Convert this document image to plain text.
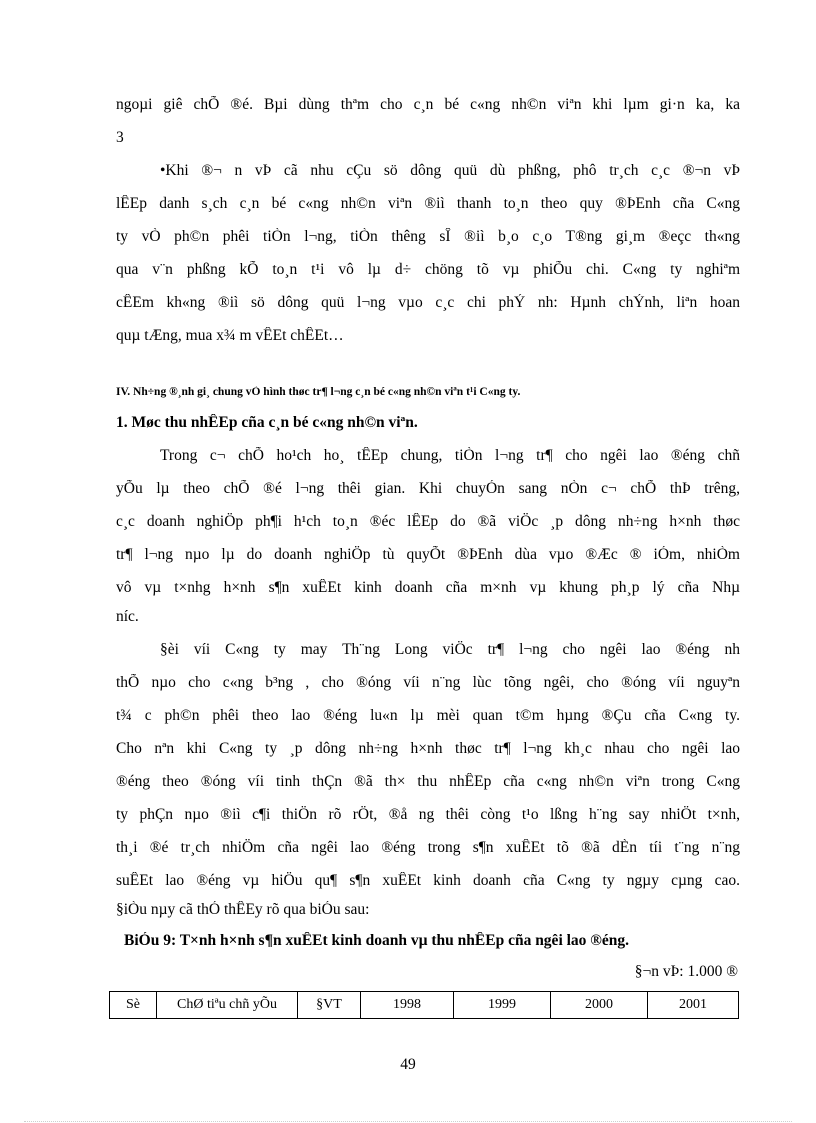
ngoµi giê chÕ ®é. Bµi dùng thªm cho c¸n bé c«ng nh©n viªn khi lµm gi·n ka, ka
3
•Khi ®¬ n vÞ cã nhu cÇu sö dông quü dù phßng, phô tr¸ch c¸c ®¬n vÞ
lÊEp danh s¸ch c¸n bé c«ng nh©n viªn ®iì thanh to¸n theo quy ®ÞEnh cña C«ng
ty vÒ ph©n phêi tiÒn l¬ng, tiÒn thêng sÎ ®iì b¸o c¸o T®ng gi¸m ®eçc th«ng
qua v¨n phßng kÕ to¸n t¹i vô lµ d÷ chöng tõ vµ phiÕu chi. C«ng ty nghiªm
cÊEm kh«ng ®iì sö dông quü l¬ng vµo c¸c chi phÝ nh: Hµnh chÝnh, liªn hoan
quµ tÆng, mua x¾ m vÊEt chÊEt…
IV. Nh÷ng ®¸nh gi¸ chung vÒ hình thøc tr¶ l¬ng c¸n bé c«ng nh©n viªn t¹i C«ng ty.
1. Møc thu nhÊEp cña c¸n bé c«ng nh©n viªn.
Trong c¬ chÕ ho¹ch ho¸ tÊEp chung, tiÒn l¬ng tr¶ cho ngêi lao ®éng chñ
yÕu lµ theo chÕ ®é l¬ng thêi gian. Khi chuyÓn sang nÒn c¬ chÕ thÞ trêng,
c¸c doanh nghiÖp ph¶i h¹ch to¸n ®éc lÊEp do ®ã viÖc ¸p dông nh÷ng h×nh thøc
tr¶ l¬ng nµo lµ do doanh nghiÖp tù quyÕt ®ÞEnh dùa vµo ®Æc ® iÓm, nhiÒm
vô vµ t×nhg h×nh s¶n xuÊEt kinh doanh cña m×nh vµ khung ph¸p lý cña Nhµ
níc.
§èi víi C«ng ty may Th¨ng Long viÖc tr¶ l¬ng cho ngêi lao ®éng nh
thÕ nµo cho c«ng b³ng , cho ®óng víi n¨ng lùc tõng ngêi, cho ®óng víi nguyªn
t¾ c ph©n phêi theo lao ®éng lu«n lµ mèi quan t©m hµng ®Çu cña C«ng ty.
Cho nªn khi C«ng ty ¸p dông nh÷ng h×nh thøc tr¶ l¬ng kh¸c nhau cho ngêi lao
®éng theo ®óng víi tinh thÇn ®ã th× thu nhÊEp cña c«ng nh©n viªn trong C«ng
ty phÇn nµo ®iì c¶i thiÖn rõ rÖt, ®å ng thêi còng t¹o lßng h¨ng say nhiÖt t×nh,
th¸i ®é tr¸ch nhiÖm cña ngêi lao ®éng trong s¶n xuÊEt tõ ®ã dÈn tíi t¨ng n¨ng
suÊEt lao ®éng vµ hiÖu qu¶ s¶n xuÊEt kinh doanh cña C«ng ty ngµy cµng cao.
§iÒu nµy cã thÓ thÊEy rõ qua biÓu sau:
BiÓu 9: T×nh h×nh s¶n xuÊEt kinh doanh vµ thu nhÊEp cña ngêi lao ®éng.
§¬n vÞ: 1.000 ®
Sè	ChØ tiªu chñ yÕu	§VT	1998	1999	2000	2001
49
